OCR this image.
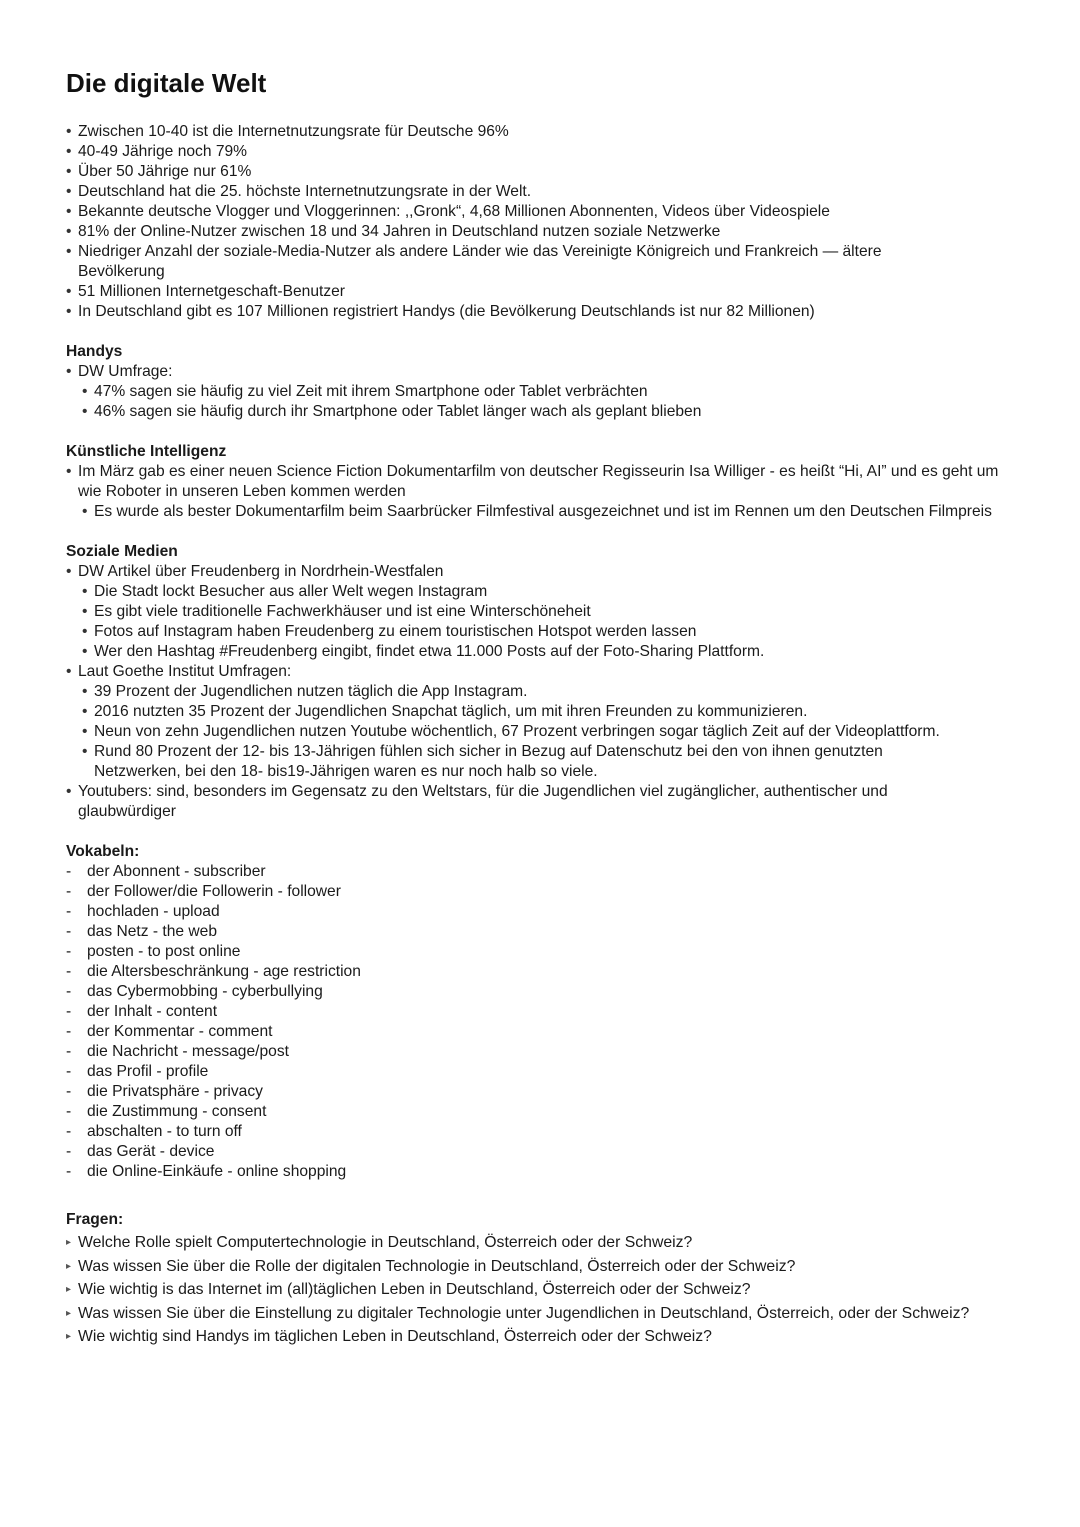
Die digitale Welt
• Zwischen 10-40 ist die Internetnutzungsrate für Deutsche 96%
• 40-49 Jährige noch 79%
• Über 50 Jährige nur 61%
• Deutschland hat die 25. höchste Internetnutzungsrate in der Welt.
• Bekannte deutsche Vlogger und Vloggerinnen: ,,Gronk“, 4,68 Millionen Abonnenten, Videos über Videospiele
• 81% der Online-Nutzer zwischen 18 und 34 Jahren in Deutschland nutzen soziale Netzwerke
• Niedriger Anzahl der soziale-Media-Nutzer als andere Länder wie das Vereinigte Königreich und Frankreich — ältere Bevölkerung
• 51 Millionen Internetgeschaft-Benutzer
• In Deutschland gibt es 107 Millionen registriert Handys (die Bevölkerung Deutschlands ist nur 82 Millionen)
Handys
• DW Umfrage:
• 47% sagen sie häufig zu viel Zeit mit ihrem Smartphone oder Tablet verbrächten
• 46% sagen sie häufig durch ihr Smartphone oder Tablet länger wach als geplant blieben
Künstliche Intelligenz
• Im März gab es einer neuen Science Fiction Dokumentarfilm von deutscher Regisseurin Isa Williger - es heißt “Hi, AI” und es geht um wie Roboter in unseren Leben kommen werden
• Es wurde als bester Dokumentarfilm beim Saarbrücker Filmfestival ausgezeichnet und ist im Rennen um den Deutschen Filmpreis
Soziale Medien
• DW Artikel über Freudenberg in Nordrhein-Westfalen
• Die Stadt lockt Besucher aus aller Welt wegen Instagram
• Es gibt viele traditionelle Fachwerkhäuser und ist eine Winterschöneheit
• Fotos auf Instagram haben Freudenberg zu einem touristischen Hotspot werden lassen
• Wer den Hashtag #Freudenberg eingibt, findet etwa 11.000 Posts auf der Foto-Sharing Plattform.
• Laut Goethe Institut Umfragen:
• 39 Prozent der Jugendlichen nutzen täglich die App Instagram.
• 2016 nutzten 35 Prozent der Jugendlichen Snapchat täglich, um mit ihren Freunden zu kommunizieren.
• Neun von zehn Jugendlichen nutzen Youtube wöchentlich, 67 Prozent verbringen sogar täglich Zeit auf der Videoplattform.
• Rund 80 Prozent der 12- bis 13-Jährigen fühlen sich sicher in Bezug auf Datenschutz bei den von ihnen genutzten Netzwerken, bei den 18- bis19-Jährigen waren es nur noch halb so viele.
• Youtubers: sind, besonders im Gegensatz zu den Weltstars, für die Jugendlichen viel zugänglicher, authentischer und glaubwürdiger
Vokabeln:
- der Abonnent - subscriber
- der Follower/die Followerin - follower
- hochladen - upload
- das Netz - the web
- posten - to post online
- die Altersbeschränkung - age restriction
- das Cybermobbing - cyberbullying
- der Inhalt - content
- der Kommentar - comment
- die Nachricht - message/post
- das Profil - profile
- die Privatsphäre - privacy
- die Zustimmung - consent
- abschalten - to turn off
- das Gerät - device
- die Online-Einkäufe - online shopping
Fragen:
▸ Welche Rolle spielt Computertechnologie in Deutschland, Österreich oder der Schweiz?
▸ Was wissen Sie über die Rolle der digitalen Technologie in Deutschland, Österreich oder der Schweiz?
▸ Wie wichtig is das Internet im (all)täglichen Leben in Deutschland, Österreich oder der Schweiz?
▸ Was wissen Sie über die Einstellung zu digitaler Technologie unter Jugendlichen in Deutschland, Österreich, oder der Schweiz?
▸ Wie wichtig sind Handys im täglichen Leben in Deutschland, Österreich oder der Schweiz?
